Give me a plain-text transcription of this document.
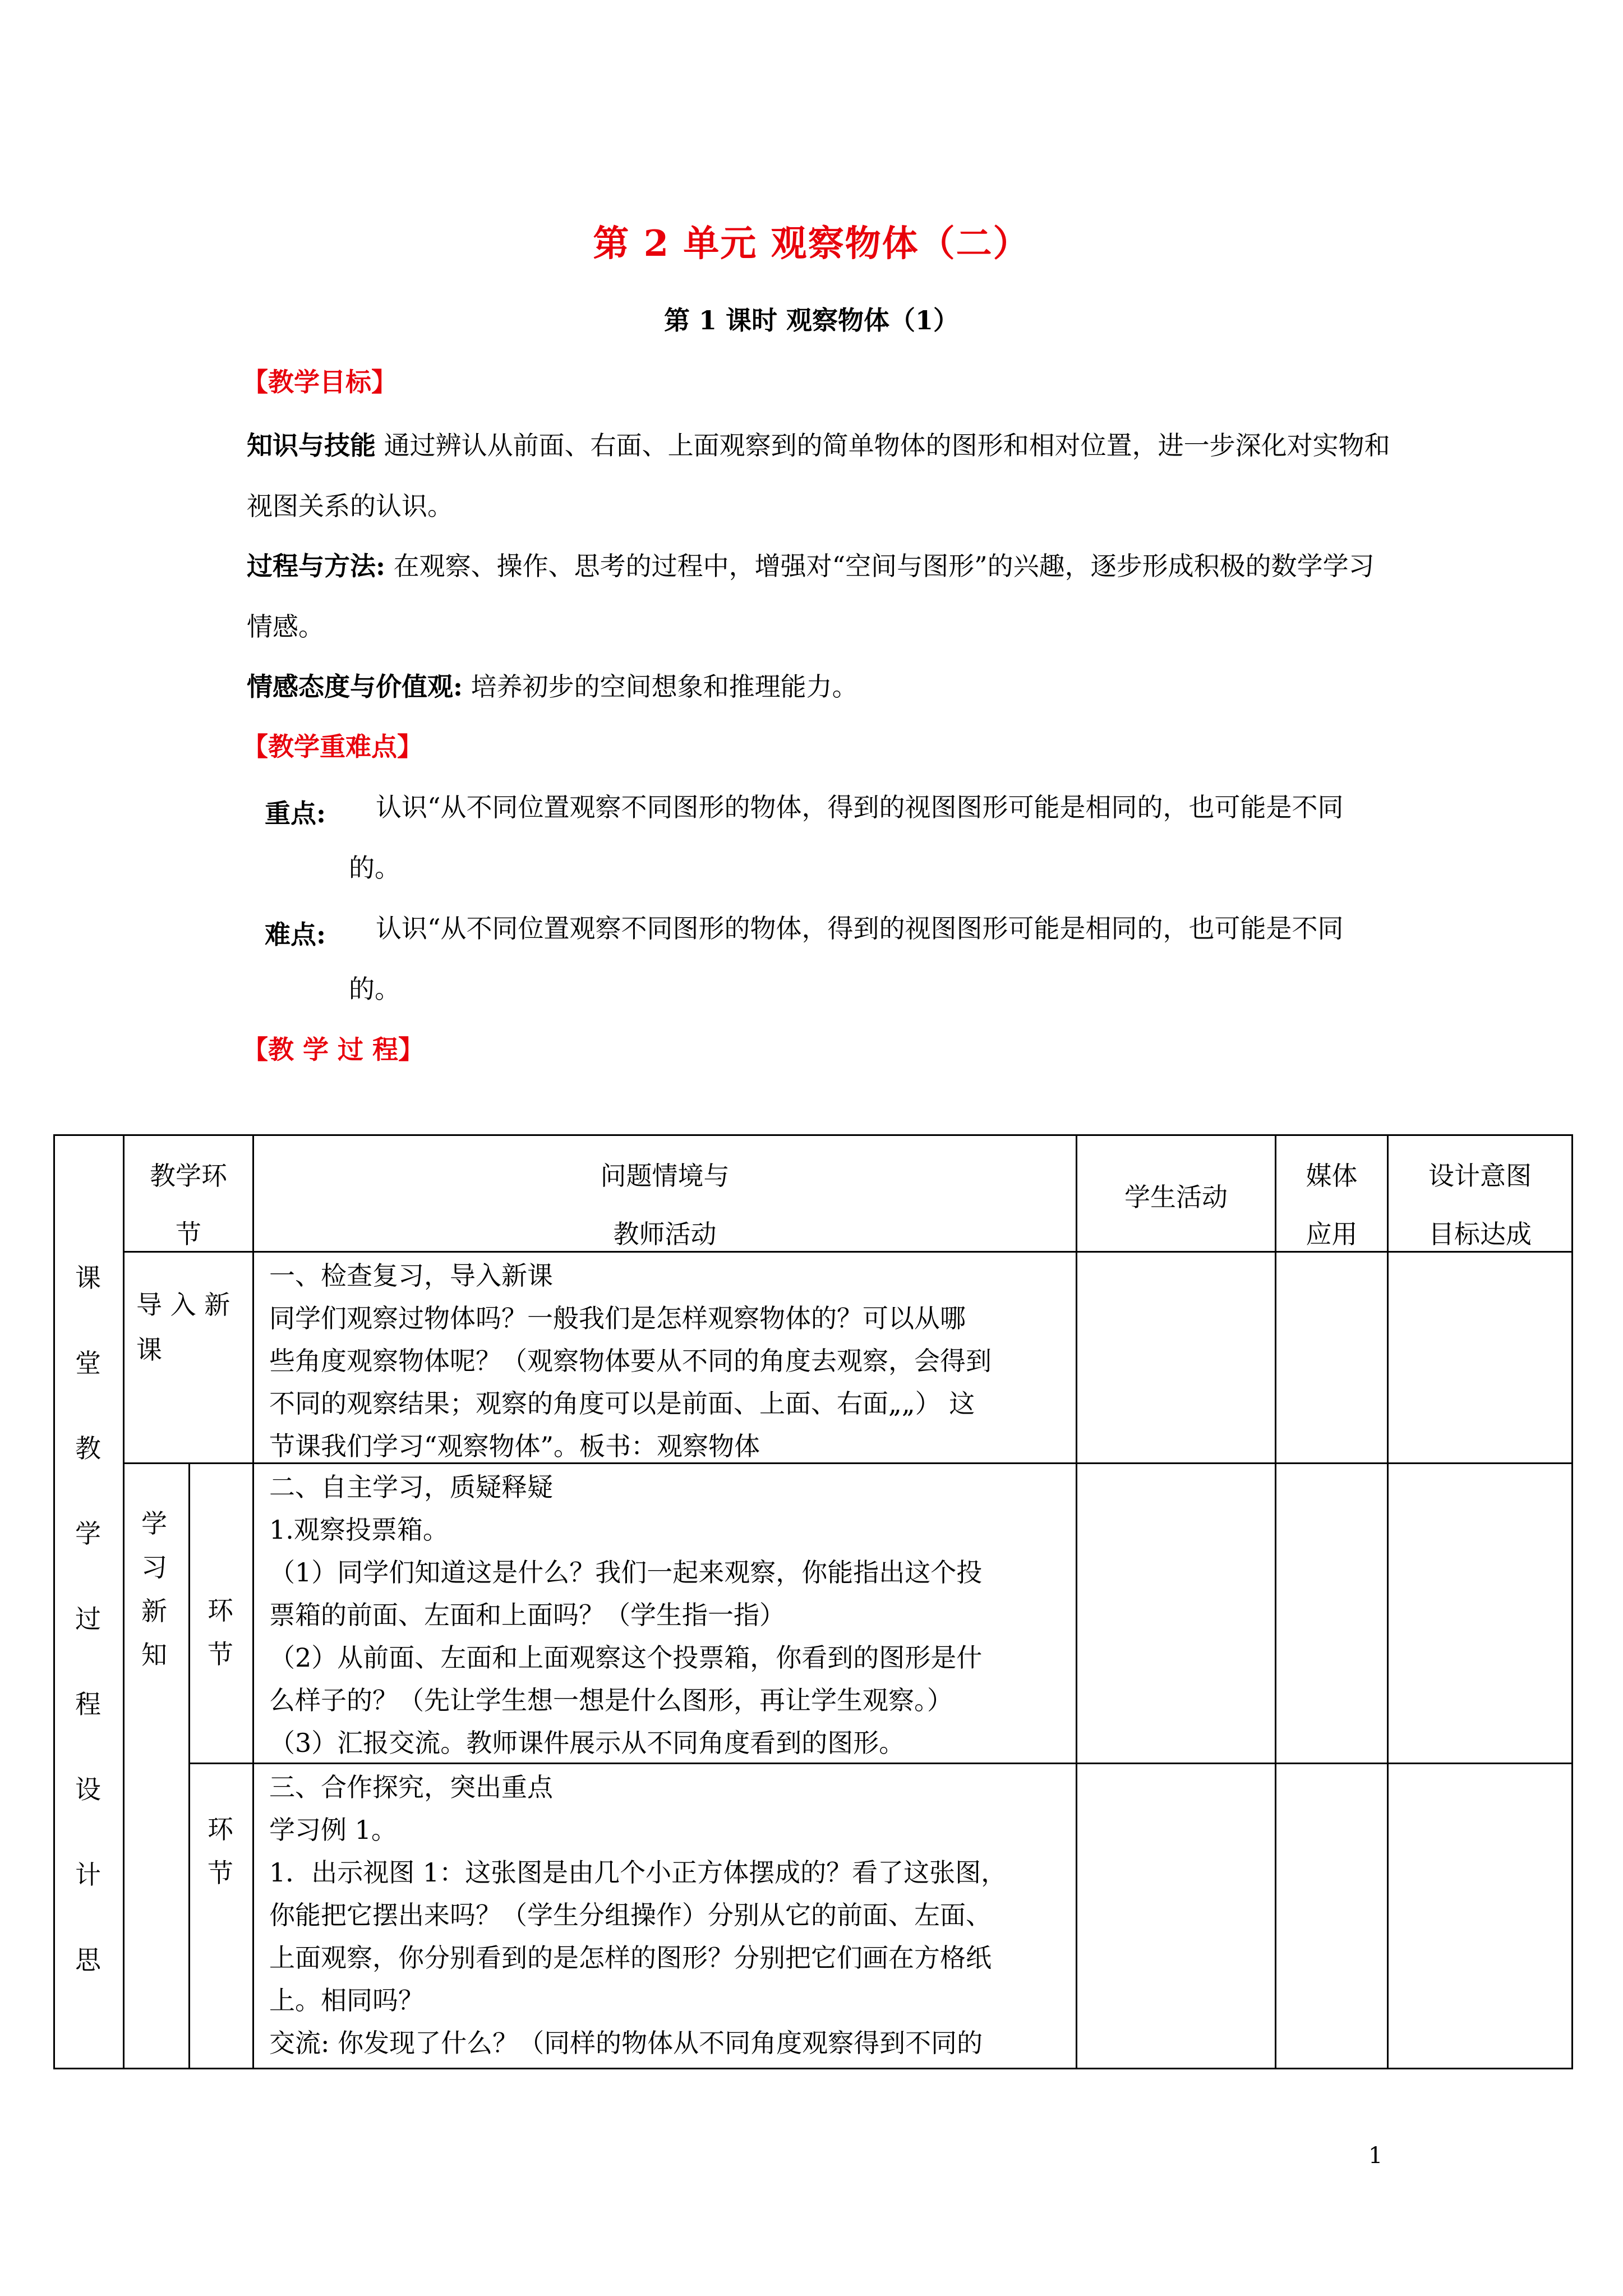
第 2 单元 观察物体（二）
第 1 课时 观察物体（1）
【教学目标】
知识与技能 通过辨认从前面、右面、上面观察到的简单物体的图形和相对位置，进一步深化对实物和视图关系的认识。
过程与方法: 在观察、操作、思考的过程中，增强对“空间与图形”的兴趣，逐步形成积极的数学学习情感。
情感态度与价值观: 培养初步的空间想象和推理能力。
【教学重难点】
重点:	认识“从不同位置观察不同图形的物体，得到的视图图形可能是相同的，也可能是不同的。
难点:	认识“从不同位置观察不同图形的物体，得到的视图图形可能是相同的，也可能是不同的。
【教 学 过 程】
课
堂
教
学
过
程
设
计
思
教学环
节
问题情境与
教师活动
学生活动
媒体
应用
设计意图
目标达成
导 入 新
课
一、检查复习，导入新课
同学们观察过物体吗？一般我们是怎样观察物体的？可以从哪
些角度观察物体呢？（观察物体要从不同的角度去观察，会得到
不同的观察结果；观察的角度可以是前面、上面、右面„„） 这
节课我们学习“观察物体”。板书：观察物体
学
习
新
知
环
节
二、自主学习，质疑释疑
1.观察投票箱。
（1）同学们知道这是什么？我们一起来观察，你能指出这个投
票箱的前面、左面和上面吗？（学生指一指）
（2）从前面、左面和上面观察这个投票箱，你看到的图形是什
么样子的？（先让学生想一想是什么图形，再让学生观察。）
（3）汇报交流。教师课件展示从不同角度看到的图形。
环
节
三、合作探究，突出重点
学习例 1。
1．出示视图 1：这张图是由几个小正方体摆成的？看了这张图，
你能把它摆出来吗？（学生分组操作）分别从它的前面、左面、
上面观察，你分别看到的是怎样的图形？分别把它们画在方格纸
上。相同吗？
交流: 你发现了什么？（同样的物体从不同角度观察得到不同的
1
